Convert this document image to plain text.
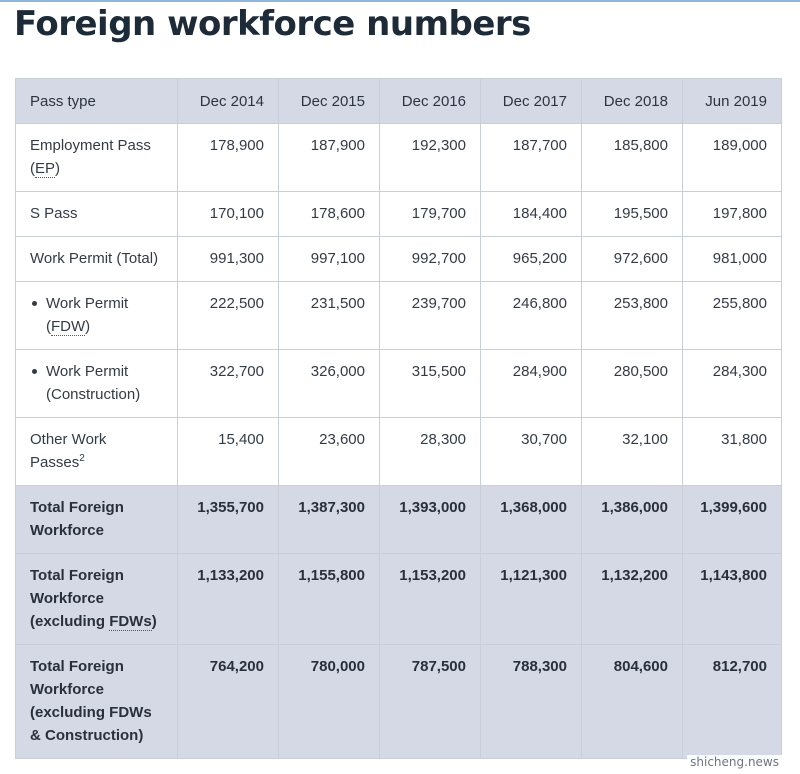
Foreign workforce numbers
Pass type	Dec 2014	Dec 2015	Dec 2016	Dec 2017	Dec 2018	Jun 2019
Employment Pass (EP)	178,900	187,900	192,300	187,700	185,800	189,000
S Pass	170,100	178,600	179,700	184,400	195,500	197,800
Work Permit (Total)	991,300	997,100	992,700	965,200	972,600	981,000

Work Permit (FDW)	222,500	231,500	239,700	246,800	253,800	255,800

Work Permit (Construction)	322,700	326,000	315,500	284,900	280,500	284,300
Other Work Passes$^2$	15,400	23,600	28,300	30,700	32,100	31,800
Total Foreign Workforce	1,355,700	1,387,300	1,393,000	1,368,000	1,386,000	1,399,600
Total Foreign Workforce (excluding FDWs)	1,133,200	1,155,800	1,153,200	1,121,300	1,132,200	1,143,800
Total Foreign Workforce (excluding FDWs & Construction)	764,200	780,000	787,500	788,300	804,600	812,700
shicheng.news
